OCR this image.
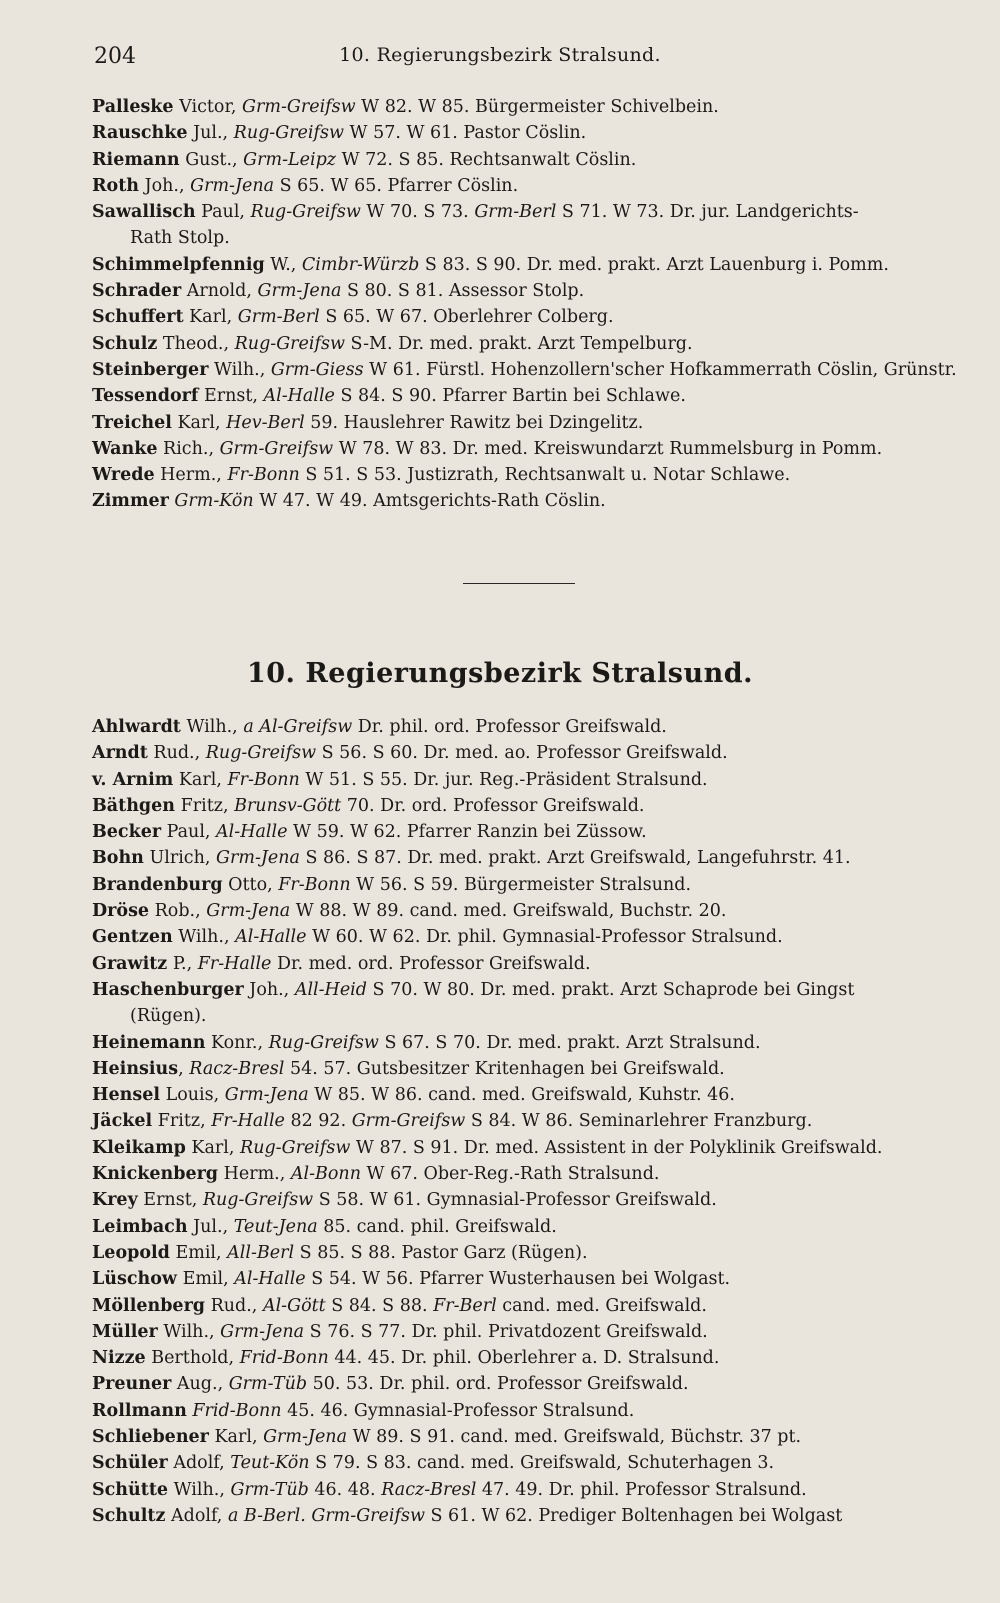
204	10. Regierungsbezirk Stralsund.
Palleske Victor, Grm-Greifsw W 82. W 85. Bürgermeister Schivelbein.
Rauschke Jul., Rug-Greifsw W 57. W 61. Pastor Cöslin.
Riemann Gust., Grm-Leipz W 72. S 85. Rechtsanwalt Cöslin.
Roth Joh., Grm-Jena S 65. W 65. Pfarrer Cöslin.
Sawallisch Paul, Rug-Greifsw W 70. S 73. Grm-Berl S 71. W 73. Dr. jur. Landgerichts-
Rath Stolp.
Schimmelpfennig W., Cimbr-Würzb S 83. S 90. Dr. med. prakt. Arzt Lauenburg i. Pomm.
Schrader Arnold, Grm-Jena S 80. S 81. Assessor Stolp.
Schuffert Karl, Grm-Berl S 65. W 67. Oberlehrer Colberg.
Schulz Theod., Rug-Greifsw S-M. Dr. med. prakt. Arzt Tempelburg.
Steinberger Wilh., Grm-Giess W 61. Fürstl. Hohenzollern'scher Hofkammerrath Cöslin, Grünstr.
Tessendorf Ernst, Al-Halle S 84. S 90. Pfarrer Bartin bei Schlawe.
Treichel Karl, Hev-Berl 59. Hauslehrer Rawitz bei Dzingelitz.
Wanke Rich., Grm-Greifsw W 78. W 83. Dr. med. Kreiswundarzt Rummelsburg in Pomm.
Wrede Herm., Fr-Bonn S 51. S 53. Justizrath, Rechtsanwalt u. Notar Schlawe.
Zimmer Grm-Kön W 47. W 49. Amtsgerichts-Rath Cöslin.
10. Regierungsbezirk Stralsund.
Ahlwardt Wilh., a Al-Greifsw Dr. phil. ord. Professor Greifswald.
Arndt Rud., Rug-Greifsw S 56. S 60. Dr. med. ao. Professor Greifswald.
v. Arnim Karl, Fr-Bonn W 51. S 55. Dr. jur. Reg.-Präsident Stralsund.
Bäthgen Fritz, Brunsv-Gött 70. Dr. ord. Professor Greifswald.
Becker Paul, Al-Halle W 59. W 62. Pfarrer Ranzin bei Züssow.
Bohn Ulrich, Grm-Jena S 86. S 87. Dr. med. prakt. Arzt Greifswald, Langefuhrstr. 41.
Brandenburg Otto, Fr-Bonn W 56. S 59. Bürgermeister Stralsund.
Dröse Rob., Grm-Jena W 88. W 89. cand. med. Greifswald, Buchstr. 20.
Gentzen Wilh., Al-Halle W 60. W 62. Dr. phil. Gymnasial-Professor Stralsund.
Grawitz P., Fr-Halle Dr. med. ord. Professor Greifswald.
Haschenburger Joh., All-Heid S 70. W 80. Dr. med. prakt. Arzt Schaprode bei Gingst
(Rügen).
Heinemann Konr., Rug-Greifsw S 67. S 70. Dr. med. prakt. Arzt Stralsund.
Heinsius, Racz-Bresl 54. 57. Gutsbesitzer Kritenhagen bei Greifswald.
Hensel Louis, Grm-Jena W 85. W 86. cand. med. Greifswald, Kuhstr. 46.
Jäckel Fritz, Fr-Halle 82 92. Grm-Greifsw S 84. W 86. Seminarlehrer Franzburg.
Kleikamp Karl, Rug-Greifsw W 87. S 91. Dr. med. Assistent in der Polyklinik Greifswald.
Knickenberg Herm., Al-Bonn W 67. Ober-Reg.-Rath Stralsund.
Krey Ernst, Rug-Greifsw S 58. W 61. Gymnasial-Professor Greifswald.
Leimbach Jul., Teut-Jena 85. cand. phil. Greifswald.
Leopold Emil, All-Berl S 85. S 88. Pastor Garz (Rügen).
Lüschow Emil, Al-Halle S 54. W 56. Pfarrer Wusterhausen bei Wolgast.
Möllenberg Rud., Al-Gött S 84. S 88. Fr-Berl cand. med. Greifswald.
Müller Wilh., Grm-Jena S 76. S 77. Dr. phil. Privatdozent Greifswald.
Nizze Berthold, Frid-Bonn 44. 45. Dr. phil. Oberlehrer a. D. Stralsund.
Preuner Aug., Grm-Tüb 50. 53. Dr. phil. ord. Professor Greifswald.
Rollmann Frid-Bonn 45. 46. Gymnasial-Professor Stralsund.
Schliebener Karl, Grm-Jena W 89. S 91. cand. med. Greifswald, Büchstr. 37 pt.
Schüler Adolf, Teut-Kön S 79. S 83. cand. med. Greifswald, Schuterhagen 3.
Schütte Wilh., Grm-Tüb 46. 48. Racz-Bresl 47. 49. Dr. phil. Professor Stralsund.
Schultz Adolf, a B-Berl. Grm-Greifsw S 61. W 62. Prediger Boltenhagen bei Wolgast
